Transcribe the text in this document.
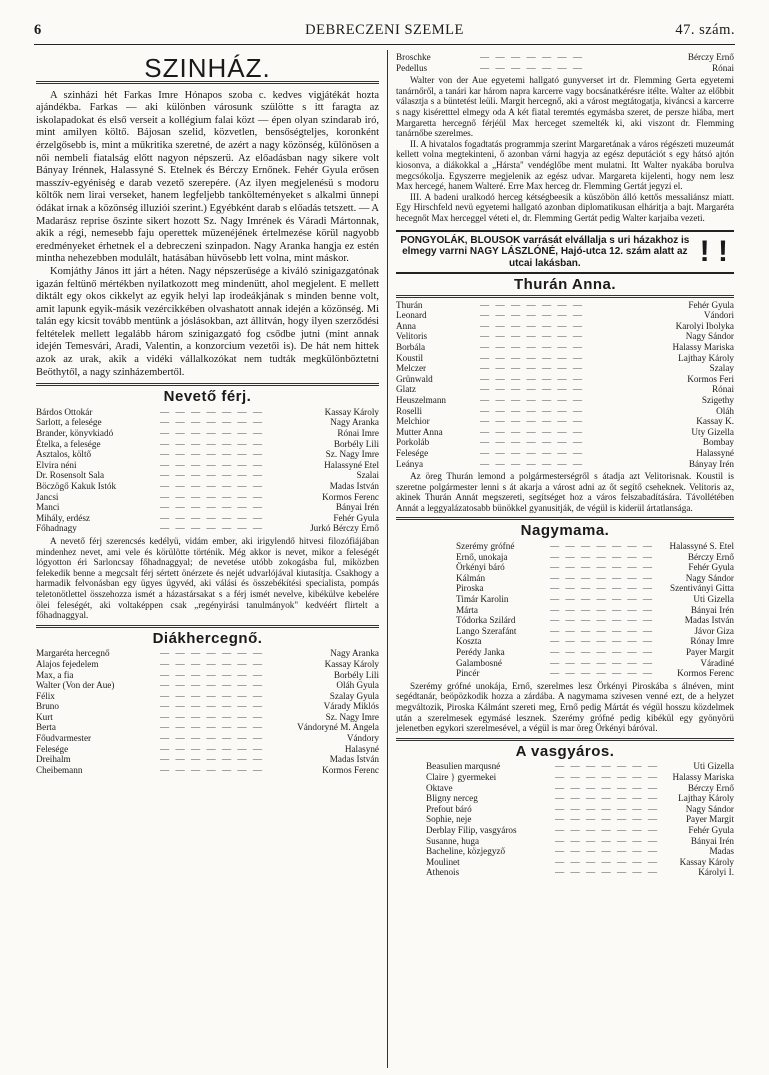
6	DEBRECZENI SZEMLE	47. szám.
SZINHÁZ.

A szinházi hét Farkas Imre Hónapos szoba c. kedves vigjátékát hozta ajándékba. Farkas — aki különben városunk szülötte s itt faragta az iskolapadokat és első verseit a kollégium falai közt — épen olyan szindarab iró, mint amilyen költő. Bájosan szelid, közvetlen, bensőségteljes, koronként érzelgősebb is, mint a műkritika szeretné, de azért a nagy közönség, különösen a női nembeli fiatalság előtt nagyon népszerü. Az előadásban nagy sikere volt Bányay Irénnek, Halassyné S. Etelnek és Bérczy Ernőnek. Fehér Gyula erősen masszív-egyéniség e darab vezető szerepére. (Az ilyen megjelenésü s modoru költők nem lirai verseket, hanem legfeljebb tankölteményeket s alkalmi ünnepi ódákat irnak a közönség illuziói szerint.) Egyébként darab s előadás tetszett. — A Madarász reprise őszinte sikert hozott Sz. Nagy Imrének és Váradi Mártonnak, akik a régi, nemesebb faju operettek müzenéjének értelmezése körül nagyobb eredményeket érhetnek el a debreczeni szinpadon. Nagy Aranka hangja ez estén mintha nehezebben modulált, hatásában hüvösebb lett volna, mint máskor.

Komjáthy János itt járt a héten. Nagy népszerüsége a kiváló szinigazgatónak igazán feltünő mértékben nyilatkozott meg mindenütt, ahol megjelent. E mellett diktált egy okos cikkelyt az egyik helyi lap irodeákjának s minden benne volt, amit lapunk egyik-másik vezércikkében olvashatott annak idején a közönség. Mi talán egy kicsit tovább mentünk a jóslásokban, azt állitván, hogy ilyen szerződési feltételek mellett legalább három szinigazgató fog csődbe jutni (mint annak idején Temesvári, Aradi, Valentin, a konzorcium vezetői is). De hát nem hittek azok az urak, akik a vidéki vállalkozókat nem tudták megkülönböztetni Beöthytől, a nagy szinházembertől.

Nevető férj.
Bárdos Ottokár	— — — — — — —	Kassay Károly
Sarlott, a felesége	— — — — — — —	Nagy Aranka
Brander, könyvkiadó	— — — — — — —	Rónai Imre
Ételka, a felesége	— — — — — — —	Borbély Lili
Asztalos, költő	— — — — — — —	Sz. Nagy Imre
Elvira néni	— — — — — — —	Halassyné Etel
Dr. Rosensolt Sala	— — — — — — —	Szalai
Böczögő Kakuk Istók	— — — — — — —	Madas István
Jancsi	— — — — — — —	Kormos Ferenc
Manci	— — — — — — —	Bányai Irén
Mihály, erdész	— — — — — — —	Fehér Gyula
Főhadnagy	— — — — — — —	Jurkó Bérczy Ernő

A nevető férj szerencsés kedélyü, vidám ember, aki irigylendő hitvesi filozófiájában mindenhez nevet, ami vele és körülötte történik. Még akkor is nevet, mikor a feleségét lógyotton éri Sarloncsay főhadnaggyal; de nevetése utóbb zokogásba ful, miközben felekedik benne a megcsalt férj sértett önérzete és nejét udvarlójával kiutasítja. Csakhogy a harmadik felvonásban egy ügyes ügyvéd, aki válási és összebékítési specialista, pompás teletonötlettel összehozza ismét a házastársakat s a férj ismét nevelve, kibékülve kebelére ölei feleségét, aki voltaképpen csak „regényirási tanulmányok" kedvéért flirtelt a főhadnaggyal.

Diákhercegnő.
Margaréta hercegnő	— — — — — — —	Nagy Aranka
Alajos fejedelem	— — — — — — —	Kassay Károly
Max, a fia	— — — — — — —	Borbély Lili
Walter (Von der Aue)	— — — — — — —	Oláh Gyula
Félix	— — — — — — —	Szalay Gyula
Bruno	— — — — — — —	Várady Miklós
Kurt	— — — — — — —	Sz. Nagy Imre
Berta	— — — — — — —	Vándoryné M. Angela
Főudvarmester	— — — — — — —	Vándory
Felesége	— — — — — — —	Halasyné
Dreihalm	— — — — — — —	Madas István
Cheibemann	— — — — — — —	Kormos Ferenc
Broschke	— — — — — — —	Bérczy Ernő
Pedellus	— — — — — — —	Rónai

Walter von der Aue egyetemi hallgató gunyverset irt dr. Flemming Gerta egyetemi tanárnőről, a tanári kar három napra karcerre vagy bocsánatkérésre itélte. Walter az előbbit választja s a büntetést leüli. Margit hercegnő, aki a várost megtátogatja, kiváncsi a karcerre s nagy kiséretttel elmegy oda A két fiatal teremtés egymásba szeret, de persze hiába, mert Margaretta hercegnő férjéül Max herceget szemelték ki, aki viszont dr. Flemming tanárnőbe szerelmes.

II. A hivatalos fogadtatás programmja szerint Margaretának a város régészeti muzeumát kellett volna megtekinteni, ő azonban várni hagyja az egész deputációt s egy hátsó ajtón kiosonva, a diákokkal a „Hársta" vendéglőbe ment mulatni. Itt Walter nyakába borulva megcsókolja. Egyszerre megjelenik az egész udvar. Margareta kijelenti, hogy nem lesz Max hercegé, hanem Walteré. Erre Max herceg dr. Flemming Gertát jegyzi el.

III. A badeni uralkodó herceg kétségbeesik a küszöbön álló kettős messaliánsz miatt. Egy Hirschfeld nevü egyetemi hallgató azonban diplomatikusan elháritja a bajt. Margaréta hecegnőt Max herceggel véteti el, dr. Flemming Gertát pedig Walter karjaiba vezeti.

PONGYOLÁK, BLOUSOK varrását elvállalja s uri házakhoz is elmegy varrni NAGY LÁSZLÓNÉ, Hajó-utca 12. szám alatt az utcai lakásban.	! !
Thurán Anna.
Thurán	— — — — — — —	Fehér Gyula
Leonard	— — — — — — —	Vándori
Anna	— — — — — — —	Karolyi Ibolyka
Velitoris	— — — — — — —	Nagy Sándor
Borbála	— — — — — — —	Halassy Mariska
Koustil	— — — — — — —	Lajthay Károly
Melczer	— — — — — — —	Szalay
Grünwald	— — — — — — —	Kormos Feri
Glatz	— — — — — — —	Rónai
Heuszelmann	— — — — — — —	Szigethy
Roselli	— — — — — — —	Oláh
Melchior	— — — — — — —	Kassay K.
Mutter Anna	— — — — — — —	Uty Gizella
Porkoláb	— — — — — — —	Bombay
Felesége	— — — — — — —	Halassyné
Leánya	— — — — — — —	Bányay Irén

Az öreg Thurán lemond a polgármesterségről s átadja azt Velitorisnak. Koustil is szeretne polgármester lenni s át akarja a várost adni az őt segítő cseheknek. Velitoris az, akinek Thurán Annát megszereti, segítséget hoz a város felszabadítására. Távollétében Annát a leggyalázatosabb bünökkel gyanusitják, de végül is kiderül ártatlansága.

Nagymama.
Szerémy grófné	— — — — — — —	Halassyné S. Etel
Ernő, unokaja	— — — — — — —	Bérczy Ernő
Örkényi báró	— — — — — — —	Fehér Gyula
Kálmán	— — — — — — —	Nagy Sándor
Piroska	— — — — — — —	Szentiványi Gitta
Timár Karolin	— — — — — — —	Uti Gizella
Márta	— — — — — — —	Bányai Irén
Tódorka Szilárd	— — — — — — —	Madas István
Lango Szerafánt	— — — — — — —	Jávor Giza
Koszta	— — — — — — —	Rónay Imre
Perédy Janka	— — — — — — —	Payer Margit
Galambosné	— — — — — — —	Váradiné
Pincér	— — — — — — —	Kormos Ferenc

Szerémy grófné unokája, Ernő, szerelmes lesz Örkényi Piroskába s álnéven, mint segédtanár, beöpözkodik hozza a zárdába. A nagymama szivesen venné ezt, de a helyzet megváltozik, Piroska Kálmánt szereti meg, Ernő pedig Mártát és végül hosszu közdelmek után a szerelmesek egymásé lesznek. Szerémy grófné pedig kibékül egy gyönyörü jelenetben egykori szerelmesével, a végül is mar öreg Örkényi báróval.

A vasgyáros.
Beasulien marqusné	— — — — — — —	Uti Gizella
Claire } gyermekei	— — — — — — —	Halassy Mariska
Oktave	— — — — — — —	Bérczy Ernő
Bligny nerceg	— — — — — — —	Lajthay Károly
Prefout báró	— — — — — — —	Nagy Sándor
Sophie, neje	— — — — — — —	Payer Margit
Derblay Filip, vasgyáros	— — — — — — —	Fehér Gyula
Susanne, huga	— — — — — — —	Bányai Irén
Bacheline, közjegyző	— — — — — — —	Madas
Moulinet	— — — — — — —	Kassay Károly
Athenois	— — — — — — —	Károlyi I.
